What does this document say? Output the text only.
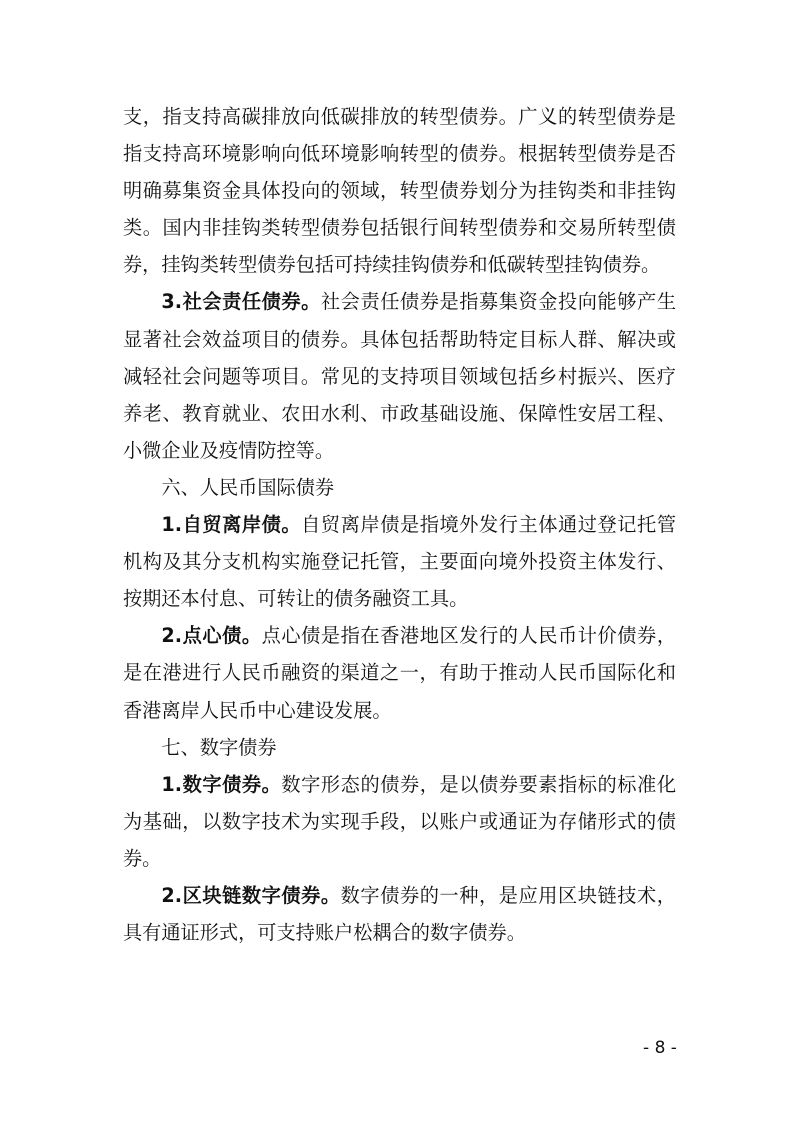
支，指支持高碳排放向低碳排放的转型债券。广义的转型债券是指支持高环境影响向低环境影响转型的债券。根据转型债券是否明确募集资金具体投向的领域，转型债券划分为挂钩类和非挂钩类。国内非挂钩类转型债券包括银行间转型债券和交易所转型债券，挂钩类转型债券包括可持续挂钩债券和低碳转型挂钩债券。

3.社会责任债券。社会责任债券是指募集资金投向能够产生显著社会效益项目的债券。具体包括帮助特定目标人群、解决或减轻社会问题等项目。常见的支持项目领域包括乡村振兴、医疗养老、教育就业、农田水利、市政基础设施、保障性安居工程、小微企业及疫情防控等。

六、人民币国际债券

1.自贸离岸债。自贸离岸债是指境外发行主体通过登记托管机构及其分支机构实施登记托管，主要面向境外投资主体发行、按期还本付息、可转让的债务融资工具。

2.点心债。点心债是指在香港地区发行的人民币计价债券，是在港进行人民币融资的渠道之一，有助于推动人民币国际化和香港离岸人民币中心建设发展。

七、数字债券

1.数字债券。数字形态的债券，是以债券要素指标的标准化为基础，以数字技术为实现手段，以账户或通证为存储形式的债券。

2.区块链数字债券。数字债券的一种，是应用区块链技术，具有通证形式，可支持账户松耦合的数字债券。

- 8 -
